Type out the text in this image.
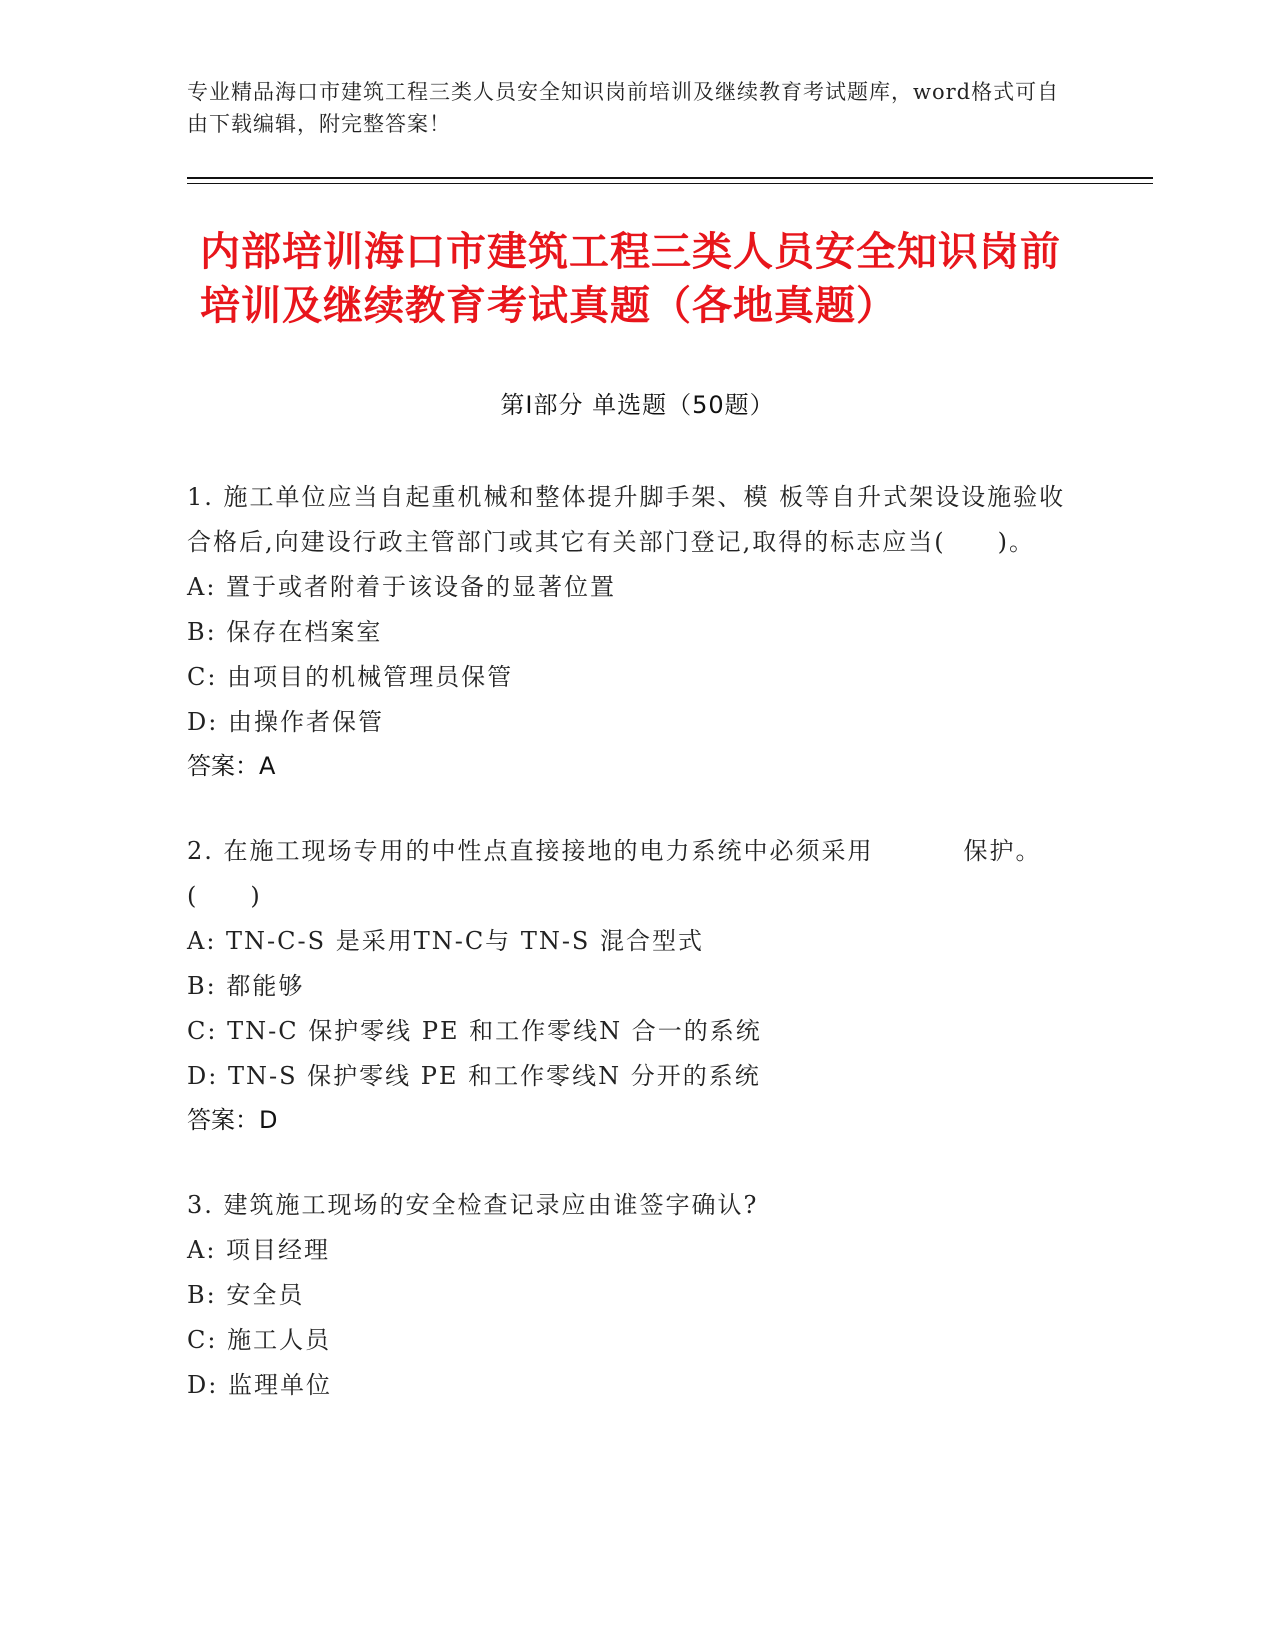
专业精品海口市建筑工程三类人员安全知识岗前培训及继续教育考试题库，word格式可自由下载编辑，附完整答案！
内部培训海口市建筑工程三类人员安全知识岗前培训及继续教育考试真题（各地真题）
第Ⅰ部分 单选题（50题）
1. 施工单位应当自起重机械和整体提升脚手架、模 板等自升式架设设施验收合格后,向建设行政主管部门或其它有关部门登记,取得的标志应当(　　)。
A: 置于或者附着于该设备的显著位置
B: 保存在档案室
C: 由项目的机械管理员保管
D: 由操作者保管
答案：A
2. 在施工现场专用的中性点直接接地的电力系统中必须采用	保护。(　　)
A: TN-C-S 是采用TN-C与 TN-S 混合型式
B: 都能够
C: TN-C 保护零线 PE 和工作零线N 合一的系统
D: TN-S 保护零线 PE 和工作零线N 分开的系统
答案：D
3. 建筑施工现场的安全检查记录应由谁签字确认?
A: 项目经理
B: 安全员
C: 施工人员
D: 监理单位
